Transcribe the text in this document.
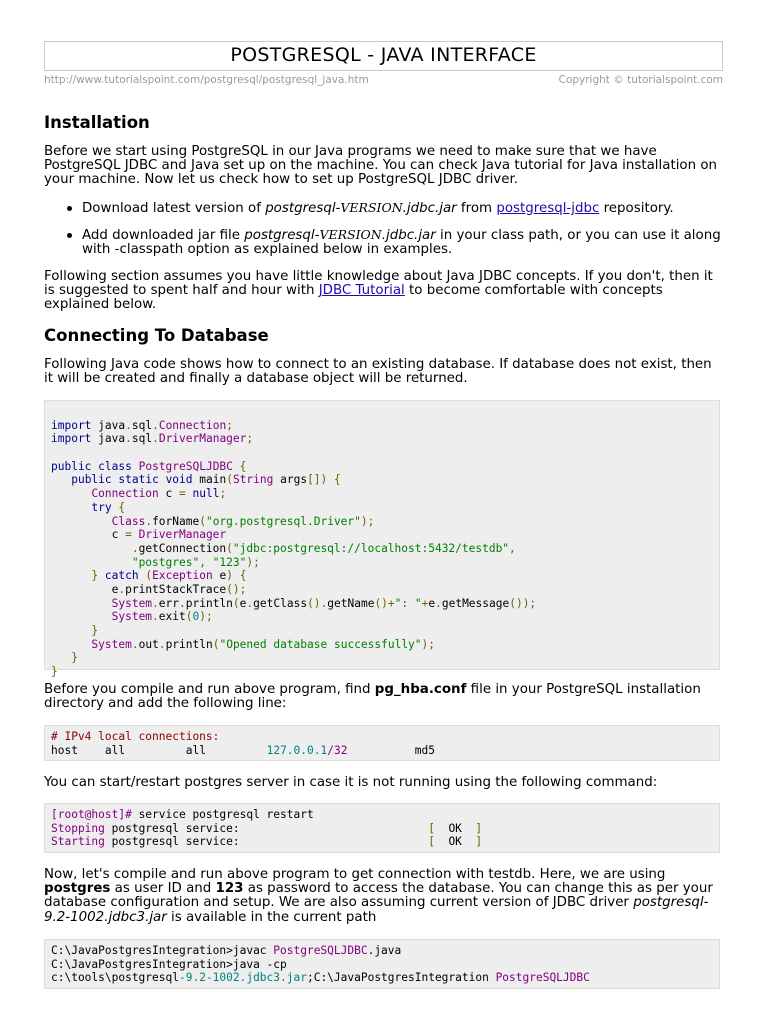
POSTGRESQL - JAVA INTERFACE
http://www.tutorialspoint.com/postgresql/postgresql_java.htm	Copyright © tutorialspoint.com
Installation

Before we start using PostgreSQL in our Java programs we need to make sure that we have PostgreSQL JDBC and Java set up on the machine. You can check Java tutorial for Java installation on your machine. Now let us check how to set up PostgreSQL JDBC driver.

Download latest version of postgresql-VERSION.jdbc.jar from postgresql-jdbc repository.
Add downloaded jar file postgresql-VERSION.jdbc.jar in your class path, or you can use it along with -classpath option as explained below in examples.

Following section assumes you have little knowledge about Java JDBC concepts. If you don't, then it is suggested to spent half and hour with JDBC Tutorial to become comfortable with concepts explained below.

Connecting To Database

Following Java code shows how to connect to an existing database. If database does not exist, then it will be created and finally a database object will be returned.

import java.sql.Connection;
import java.sql.DriverManager;

public class PostgreSQLJDBC {
public static void main(String args[]) {
Connection c = null;
try {
Class.forName("org.postgresql.Driver");
c = DriverManager
.getConnection("jdbc:postgresql://localhost:5432/testdb",
"postgres", "123");
} catch (Exception e) {
e.printStackTrace();
System.err.println(e.getClass().getName()+": "+e.getMessage());
System.exit(0);
}
System.out.println("Opened database successfully");
}
}

Before you compile and run above program, find pg_hba.conf file in your PostgreSQL installation directory and add the following line:

# IPv4 local connections:
host all	all	127.0.0.1/32	md5

You can start/restart postgres server in case it is not running using the following command:

[root@host]# service postgresql restart
Stopping postgresql service:	[ OK ]
Starting postgresql service:	[ OK ]

Now, let's compile and run above program to get connection with testdb. Here, we are using postgres as user ID and 123 as password to access the database. You can change this as per your database configuration and setup. We are also assuming current version of JDBC driver postgresql-9.2-1002.jdbc3.jar is available in the current path

C:\JavaPostgresIntegration>javac PostgreSQLJDBC.java
C:\JavaPostgresIntegration>java -cp
c:\tools\postgresql-9.2-1002.jdbc3.jar;C:\JavaPostgresIntegration PostgreSQLJDBC
